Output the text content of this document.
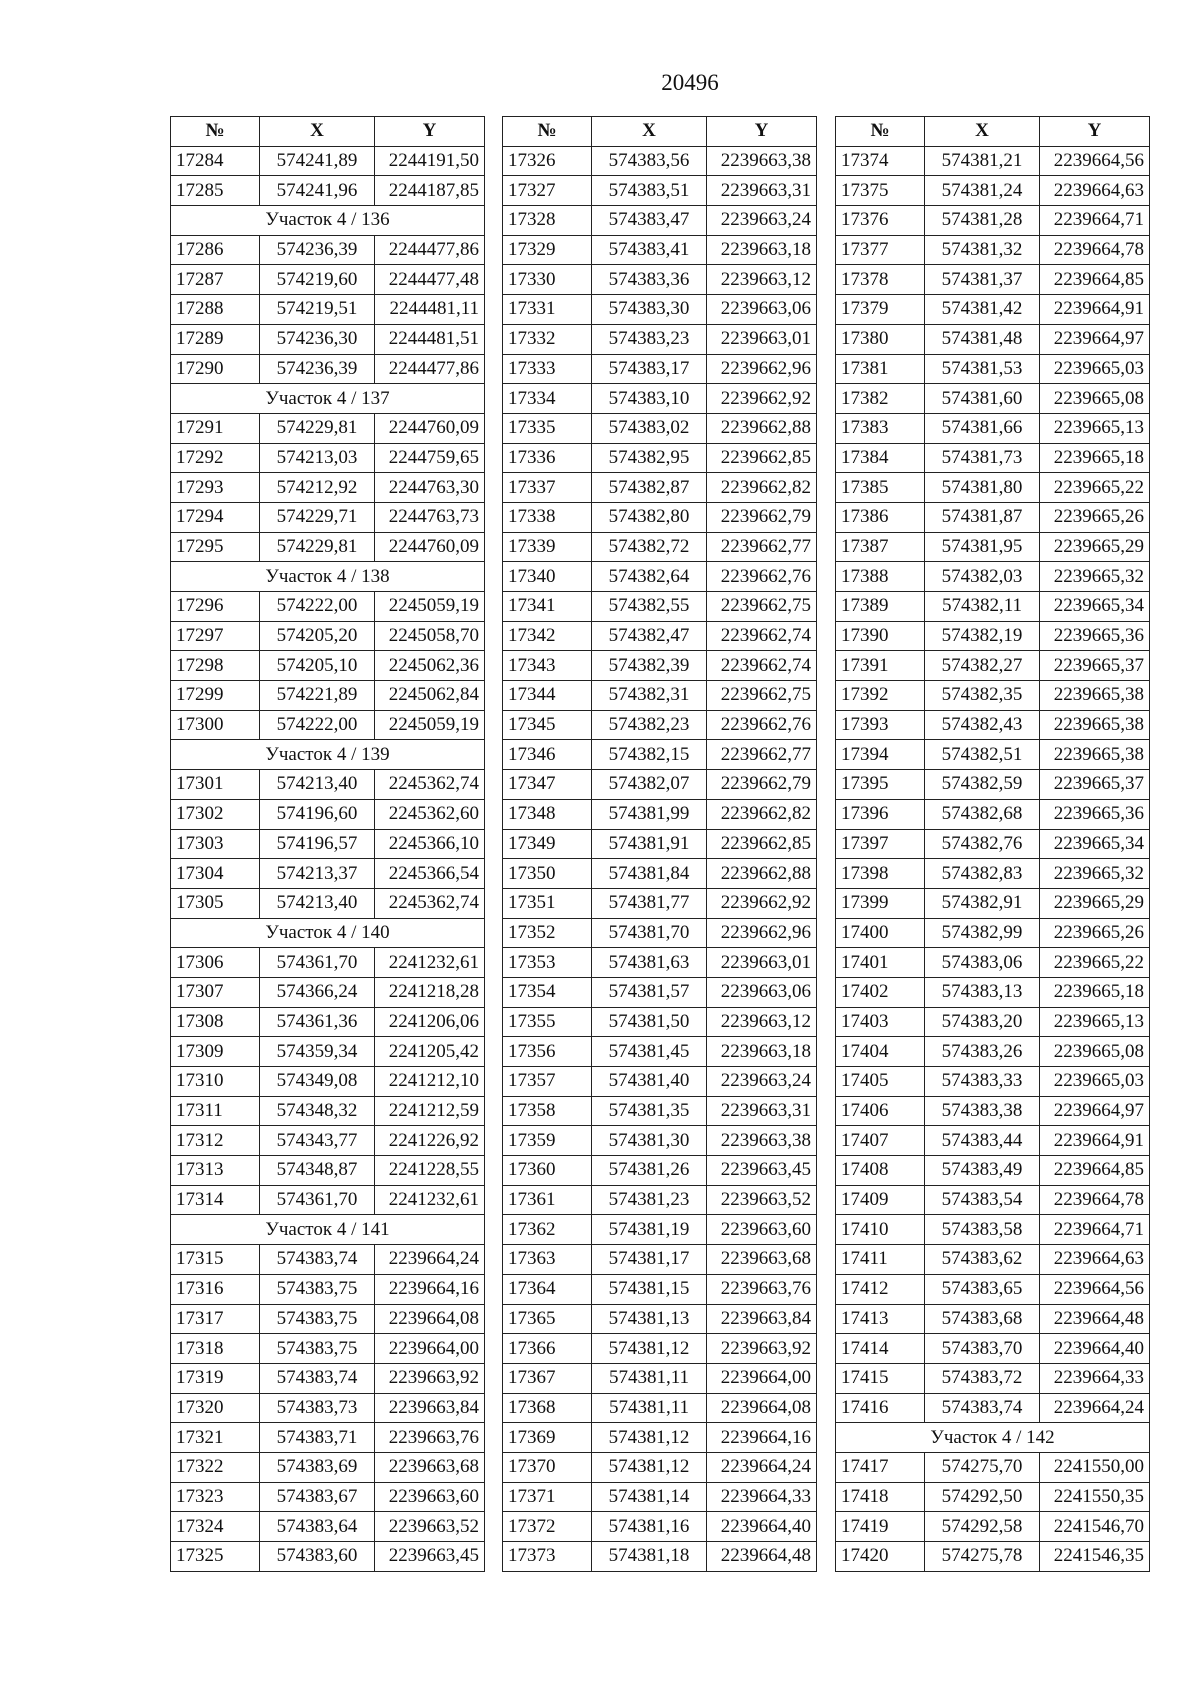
20496
№	X	Y
17284	574241,89	2244191,50
17285	574241,96	2244187,85
Участок 4 / 136		
17286	574236,39	2244477,86
17287	574219,60	2244477,48
17288	574219,51	2244481,11
17289	574236,30	2244481,51
17290	574236,39	2244477,86
Участок 4 / 137		
17291	574229,81	2244760,09
17292	574213,03	2244759,65
17293	574212,92	2244763,30
17294	574229,71	2244763,73
17295	574229,81	2244760,09
Участок 4 / 138		
17296	574222,00	2245059,19
17297	574205,20	2245058,70
17298	574205,10	2245062,36
17299	574221,89	2245062,84
17300	574222,00	2245059,19
Участок 4 / 139		
17301	574213,40	2245362,74
17302	574196,60	2245362,60
17303	574196,57	2245366,10
17304	574213,37	2245366,54
17305	574213,40	2245362,74
Участок 4 / 140		
17306	574361,70	2241232,61
17307	574366,24	2241218,28
17308	574361,36	2241206,06
17309	574359,34	2241205,42
17310	574349,08	2241212,10
17311	574348,32	2241212,59
17312	574343,77	2241226,92
17313	574348,87	2241228,55
17314	574361,70	2241232,61
Участок 4 / 141		
17315	574383,74	2239664,24
17316	574383,75	2239664,16
17317	574383,75	2239664,08
17318	574383,75	2239664,00
17319	574383,74	2239663,92
17320	574383,73	2239663,84
17321	574383,71	2239663,76
17322	574383,69	2239663,68
17323	574383,67	2239663,60
17324	574383,64	2239663,52
17325	574383,60	2239663,45
№	X	Y
17326	574383,56	2239663,38
17327	574383,51	2239663,31
17328	574383,47	2239663,24
17329	574383,41	2239663,18
17330	574383,36	2239663,12
17331	574383,30	2239663,06
17332	574383,23	2239663,01
17333	574383,17	2239662,96
17334	574383,10	2239662,92
17335	574383,02	2239662,88
17336	574382,95	2239662,85
17337	574382,87	2239662,82
17338	574382,80	2239662,79
17339	574382,72	2239662,77
17340	574382,64	2239662,76
17341	574382,55	2239662,75
17342	574382,47	2239662,74
17343	574382,39	2239662,74
17344	574382,31	2239662,75
17345	574382,23	2239662,76
17346	574382,15	2239662,77
17347	574382,07	2239662,79
17348	574381,99	2239662,82
17349	574381,91	2239662,85
17350	574381,84	2239662,88
17351	574381,77	2239662,92
17352	574381,70	2239662,96
17353	574381,63	2239663,01
17354	574381,57	2239663,06
17355	574381,50	2239663,12
17356	574381,45	2239663,18
17357	574381,40	2239663,24
17358	574381,35	2239663,31
17359	574381,30	2239663,38
17360	574381,26	2239663,45
17361	574381,23	2239663,52
17362	574381,19	2239663,60
17363	574381,17	2239663,68
17364	574381,15	2239663,76
17365	574381,13	2239663,84
17366	574381,12	2239663,92
17367	574381,11	2239664,00
17368	574381,11	2239664,08
17369	574381,12	2239664,16
17370	574381,12	2239664,24
17371	574381,14	2239664,33
17372	574381,16	2239664,40
17373	574381,18	2239664,48
№	X	Y
17374	574381,21	2239664,56
17375	574381,24	2239664,63
17376	574381,28	2239664,71
17377	574381,32	2239664,78
17378	574381,37	2239664,85
17379	574381,42	2239664,91
17380	574381,48	2239664,97
17381	574381,53	2239665,03
17382	574381,60	2239665,08
17383	574381,66	2239665,13
17384	574381,73	2239665,18
17385	574381,80	2239665,22
17386	574381,87	2239665,26
17387	574381,95	2239665,29
17388	574382,03	2239665,32
17389	574382,11	2239665,34
17390	574382,19	2239665,36
17391	574382,27	2239665,37
17392	574382,35	2239665,38
17393	574382,43	2239665,38
17394	574382,51	2239665,38
17395	574382,59	2239665,37
17396	574382,68	2239665,36
17397	574382,76	2239665,34
17398	574382,83	2239665,32
17399	574382,91	2239665,29
17400	574382,99	2239665,26
17401	574383,06	2239665,22
17402	574383,13	2239665,18
17403	574383,20	2239665,13
17404	574383,26	2239665,08
17405	574383,33	2239665,03
17406	574383,38	2239664,97
17407	574383,44	2239664,91
17408	574383,49	2239664,85
17409	574383,54	2239664,78
17410	574383,58	2239664,71
17411	574383,62	2239664,63
17412	574383,65	2239664,56
17413	574383,68	2239664,48
17414	574383,70	2239664,40
17415	574383,72	2239664,33
17416	574383,74	2239664,24
Участок 4 / 142		
17417	574275,70	2241550,00
17418	574292,50	2241550,35
17419	574292,58	2241546,70
17420	574275,78	2241546,35
